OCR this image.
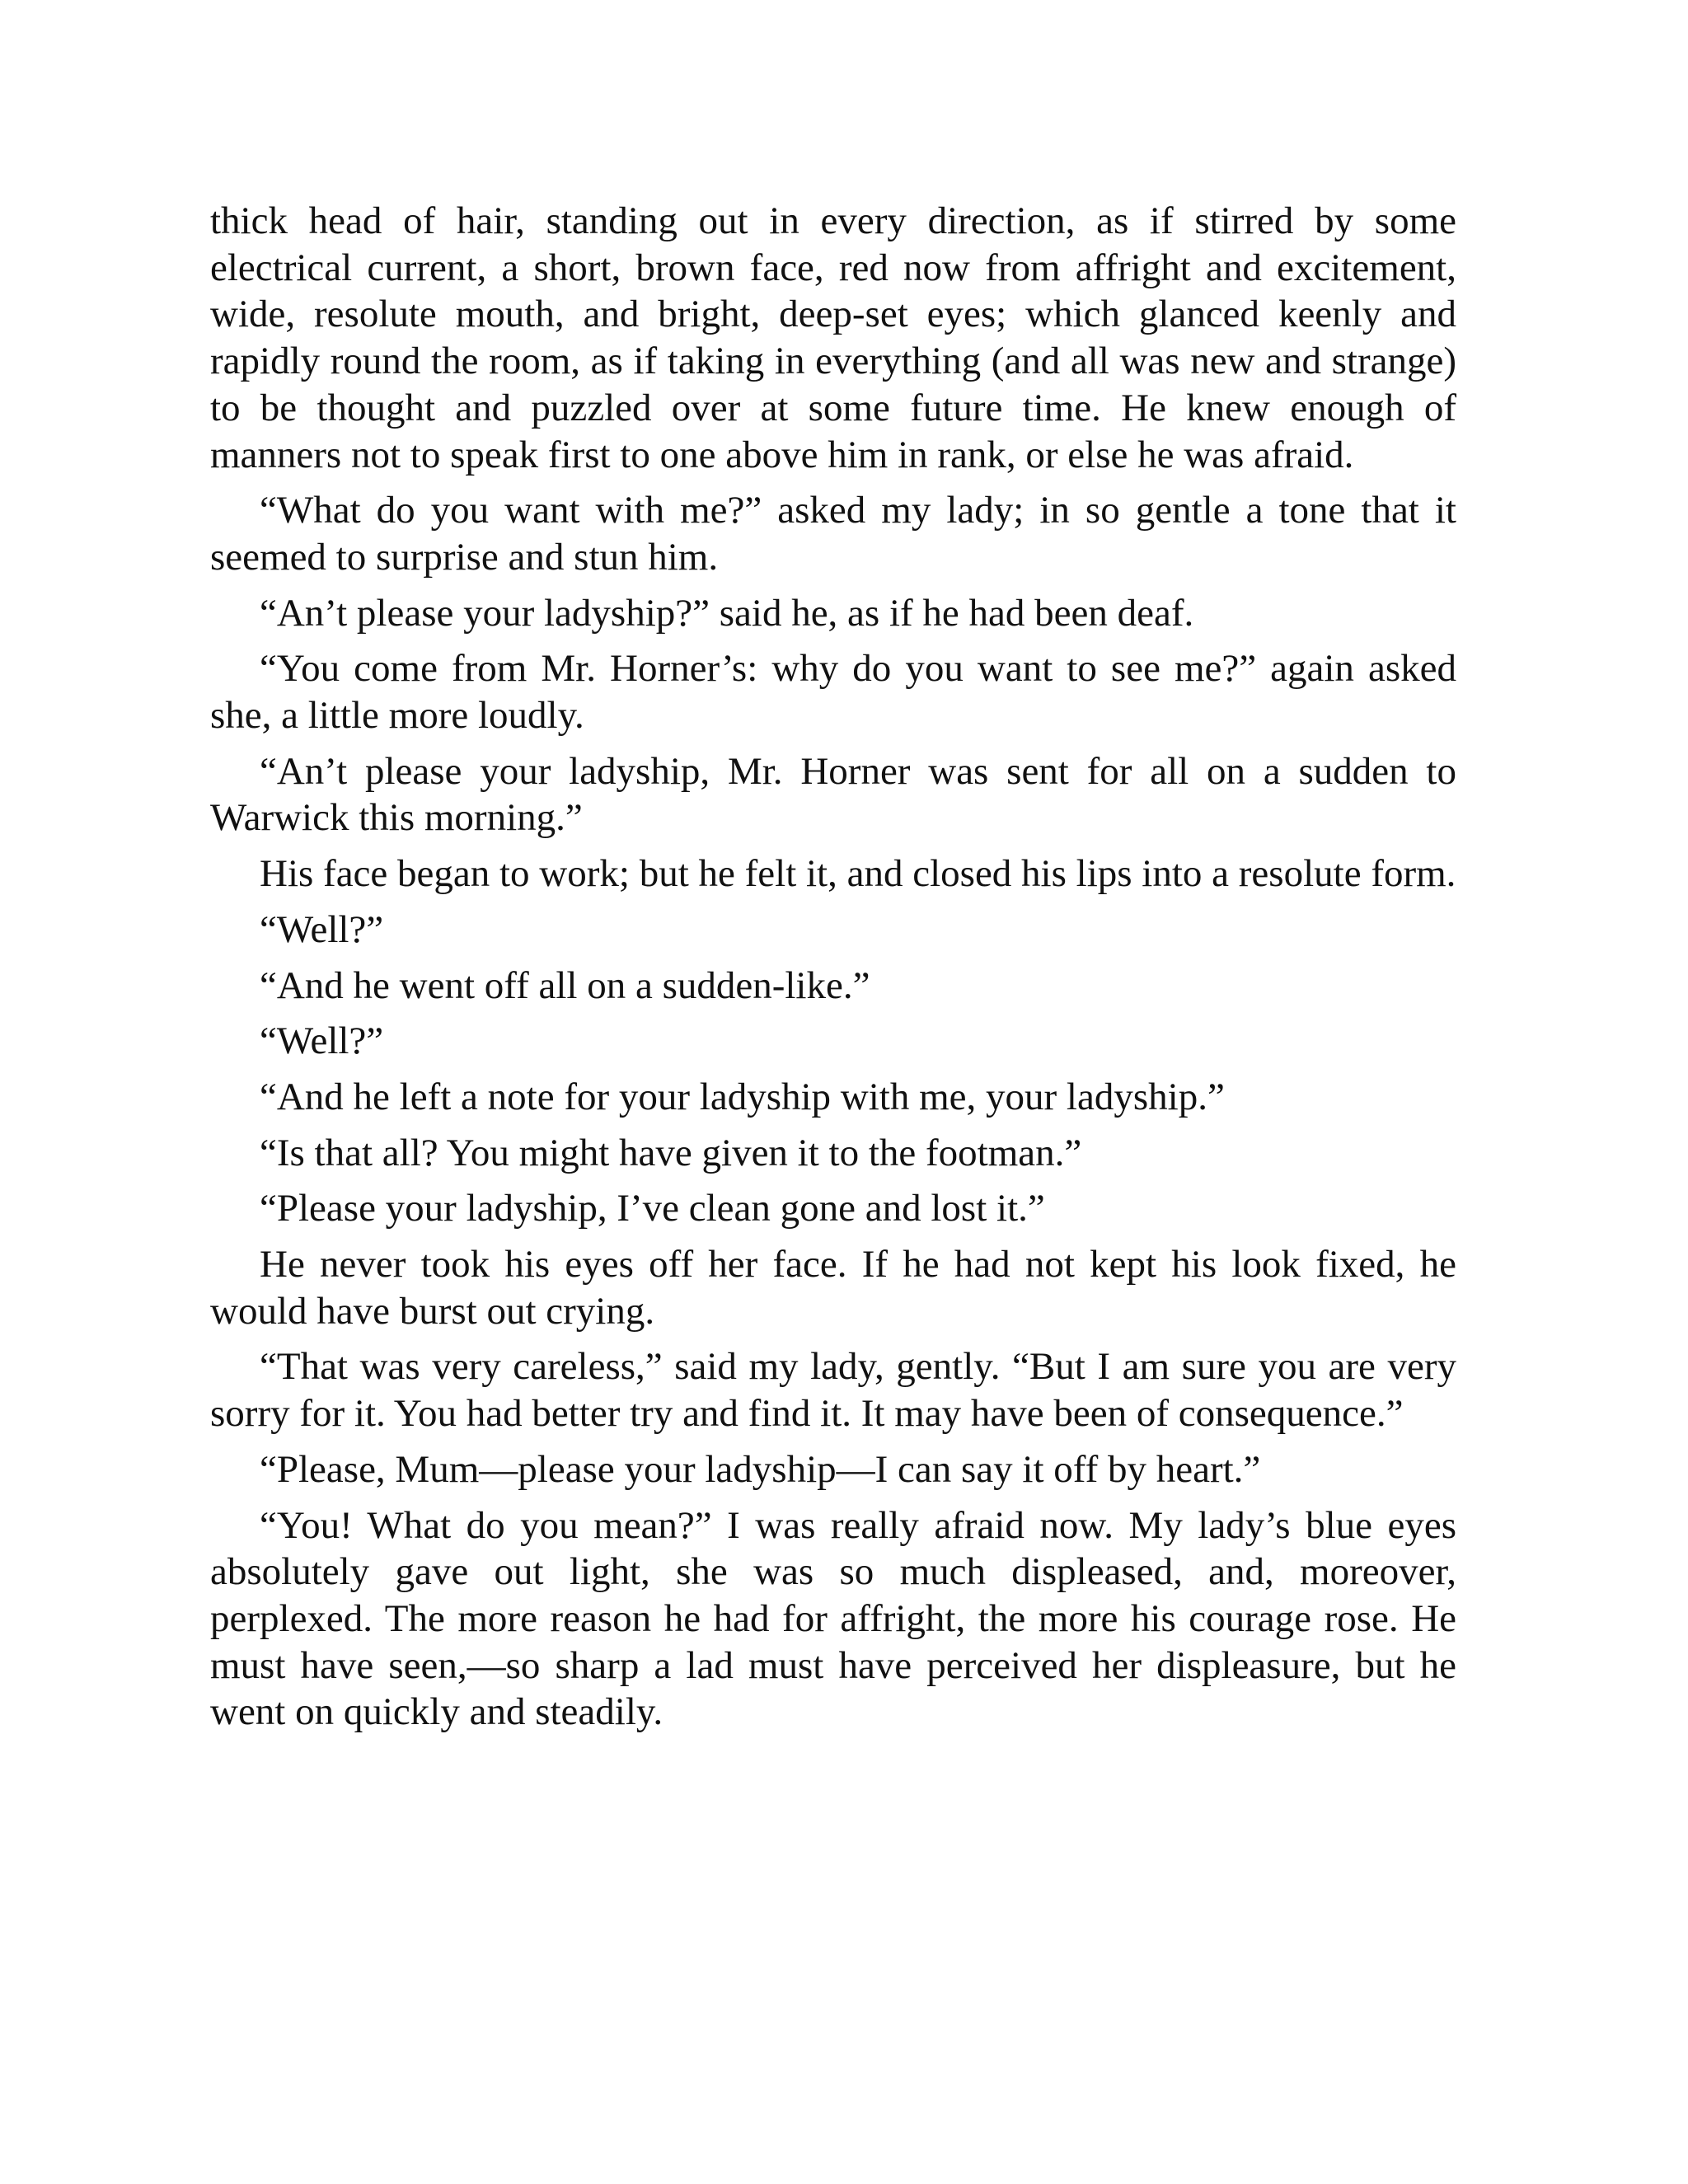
thick head of hair, standing out in every direction, as if stirred by some electrical current, a short, brown face, red now from affright and excitement, wide, resolute mouth, and bright, deep-set eyes; which glanced keenly and rapidly round the room, as if taking in everything (and all was new and strange) to be thought and puzzled over at some future time. He knew enough of manners not to speak first to one above him in rank, or else he was afraid.

“What do you want with me?” asked my lady; in so gentle a tone that it seemed to surprise and stun him.

“An’t please your ladyship?” said he, as if he had been deaf.

“You come from Mr. Horner’s: why do you want to see me?” again asked she, a little more loudly.

“An’t please your ladyship, Mr. Horner was sent for all on a sudden to Warwick this morning.”

His face began to work; but he felt it, and closed his lips into a resolute form.

“Well?”

“And he went off all on a sudden-like.”

“Well?”

“And he left a note for your ladyship with me, your ladyship.”

“Is that all? You might have given it to the footman.”

“Please your ladyship, I’ve clean gone and lost it.”

He never took his eyes off her face. If he had not kept his look fixed, he would have burst out crying.

“That was very careless,” said my lady, gently. “But I am sure you are very sorry for it. You had better try and find it. It may have been of consequence.”

“Please, Mum—please your ladyship—I can say it off by heart.”

“You! What do you mean?” I was really afraid now. My lady’s blue eyes absolutely gave out light, she was so much displeased, and, moreover, perplexed. The more reason he had for affright, the more his courage rose. He must have seen,—so sharp a lad must have perceived her displeasure, but he went on quickly and steadily.
